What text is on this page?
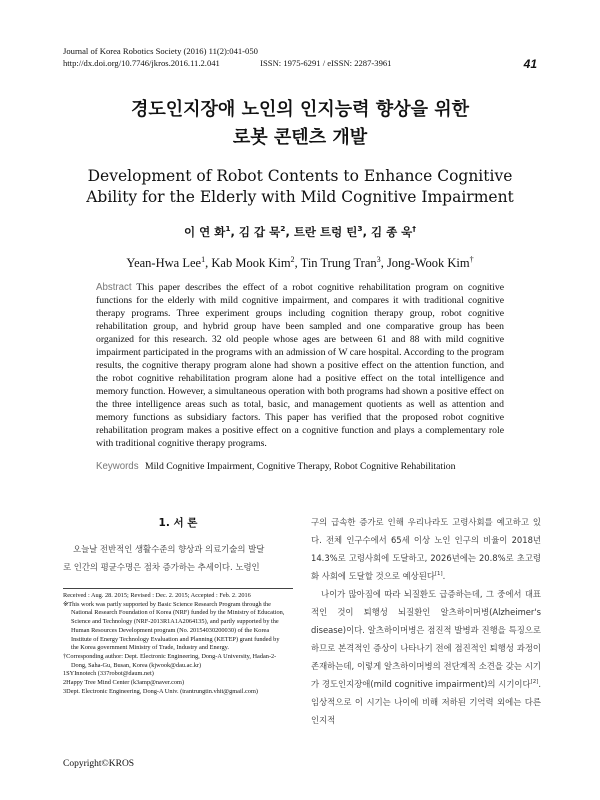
Journal of Korea Robotics Society (2016) 11(2):041-050
http://dx.doi.org/10.7746/jkros.2016.11.2.041	ISSN: 1975-6291 / eISSN: 2287-3961	41
경도인지장애 노인의 인지능력 향상을 위한
로봇 콘텐츠 개발
Development of Robot Contents to Enhance Cognitive
Ability for the Elderly with Mild Cognitive Impairment
이 연 화$^1$, 김 갑 묵$^2$, 트란 트렁 틴$^3$, 김 종 욱†
Yean-Hwa Lee$^1$, Kab Mook Kim$^2$, Tin Trung Tran$^3$, Jong-Wook Kim†
Abstract This paper describes the effect of a robot cognitive rehabilitation program on cognitive functions for the elderly with mild cognitive impairment, and compares it with traditional cognitive therapy programs. Three experiment groups including cognition therapy group, robot cognitive rehabilitation group, and hybrid group have been sampled and one comparative group has been organized for this research. 32 old people whose ages are between 61 and 88 with mild cognitive impairment participated in the programs with an admission of W care hospital. According to the program results, the cognitive therapy program alone had shown a positive effect on the attention function, and the robot cognitive rehabilitation program alone had a positive effect on the total intelligence and memory function. However, a simultaneous operation with both programs had shown a positive effect on the three intelligence areas such as total, basic, and management quotients as well as attention and memory functions as subsidiary factors. This paper has verified that the proposed robot cognitive rehabilitation program makes a positive effect on a cognitive function and plays a complementary role with traditional cognitive therapy programs.
Keywords Mild Cognitive Impairment, Cognitive Therapy, Robot Cognitive Rehabilitation
1. 서 론

오늘날 전반적인 생활수준의 향상과 의료기술의 발달
로 인간의 평균수명은 점차 증가하는 추세이다. 노령인

Received : Aug. 28. 2015; Revised : Dec. 2. 2015; Accepted : Feb. 2. 2016

※This work was partly supported by Basic Science Research Program through the National Research Foundation of Korea (NRF) funded by the Ministry of Education, Science and Technology (NRF-2013R1A1A2064135), and partly supported by the Human Resources Development program (No. 20154030200030) of the Korea Institute of Energy Technology Evaluation and Planning (KETEP) grant funded by the Korea government Ministry of Trade, Industry and Energy.

†Corresponding author: Dept. Electronic Engineering, Dong-A University, Hadan-2-Dong, Saha-Gu, Busan, Korea (kjwook@dau.ac.kr)

1SYInnotech (337robot@daum.net)

2Happy Tree Mind Center (k3amp@naver.com)

3Dept. Electronic Engineering, Dong-A Univ. (trantrungtin.vhit@gmail.com)

Copyright©KROS

구의 급속한 증가로 인해 우리나라도 고령사회를 예고하고 있다. 전체 인구수에서 65세 이상 노인 인구의 비율이 2018년 14.3%로 고령사회에 도달하고, 2026년에는 20.8%로 초고령화 사회에 도달할 것으로 예상된다[1].

나이가 많아짐에 따라 뇌질환도 급증하는데, 그 중에서 대표적인 것이 퇴행성 뇌질환인 알츠하이머병(Alzheimer's disease)이다. 알츠하이머병은 점진적 발병과 진행을 특징으로 하므로 본격적인 증상이 나타나기 전에 점진적인 퇴행성 과정이 존재하는데, 이렇게 알츠하이머병의 전단계적 소견을 갖는 시기가 경도인지장애(mild cognitive impairment)의 시기이다[2]. 임상적으로 이 시기는 나이에 비해 저하된 기억력 외에는 다른 인지적
